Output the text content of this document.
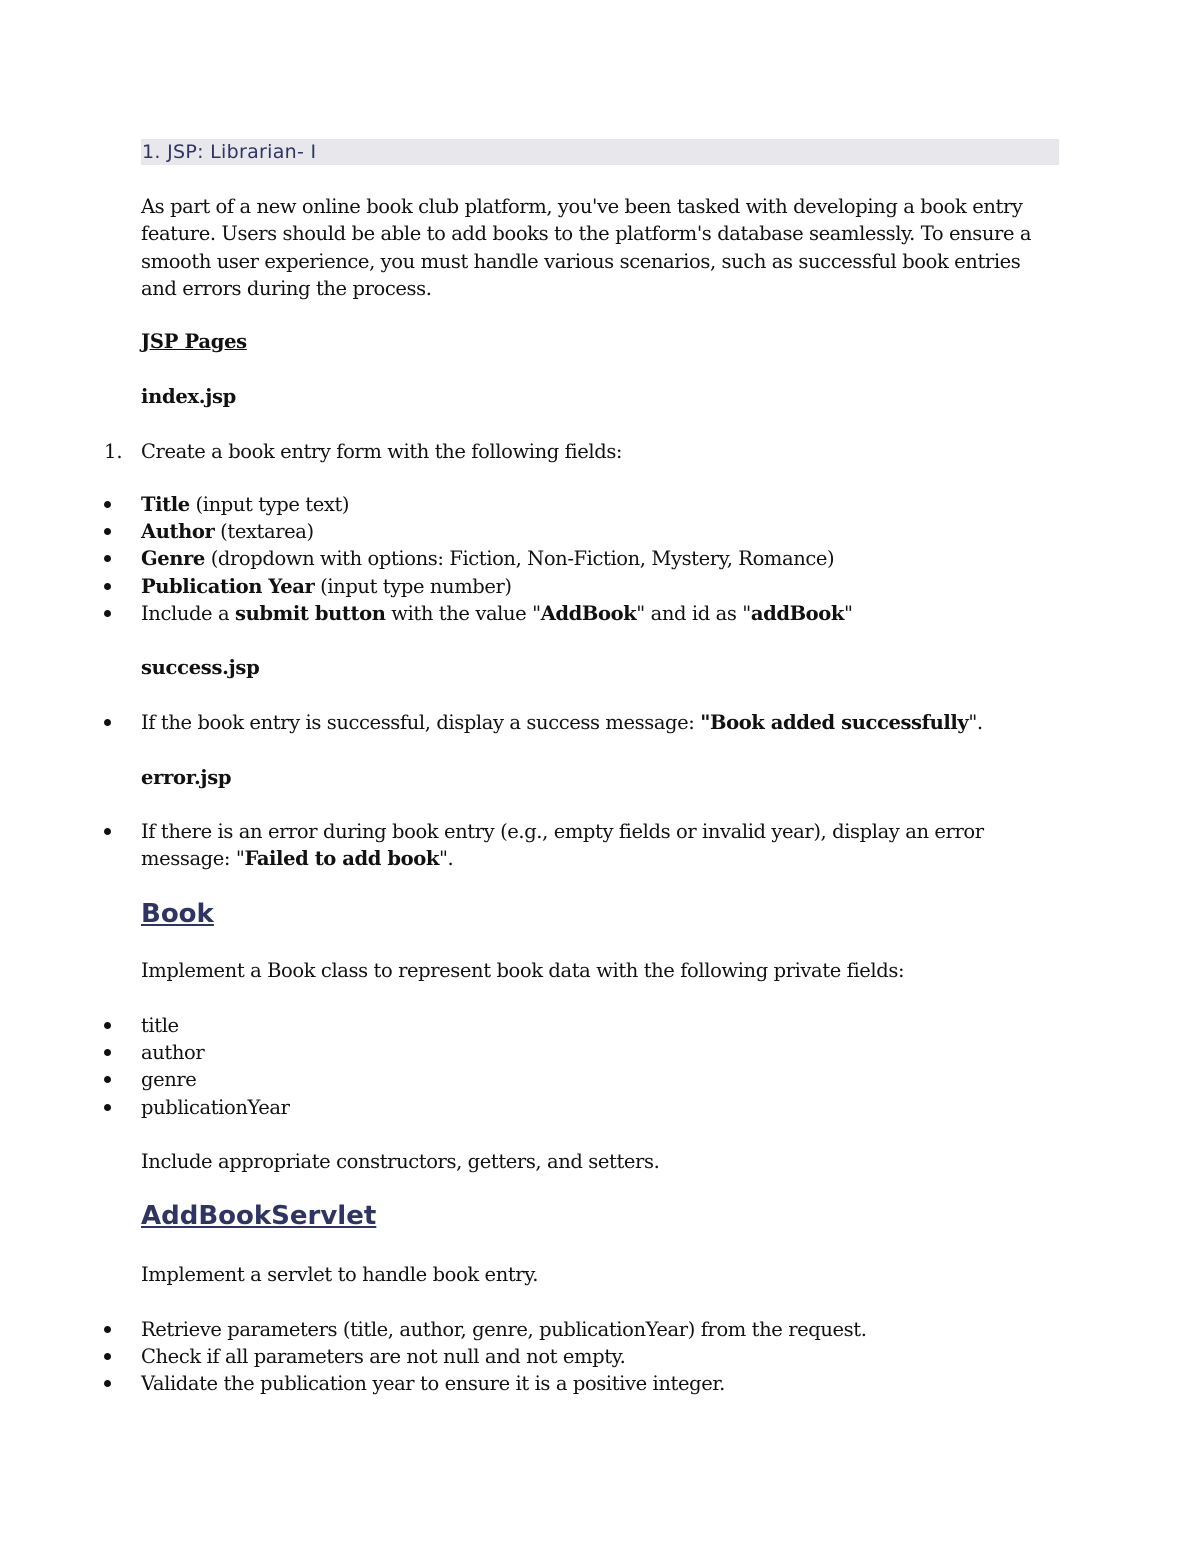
1. JSP: Librarian- I
As part of a new online book club platform, you've been tasked with developing a book entry feature. Users should be able to add books to the platform's database seamlessly. To ensure a smooth user experience, you must handle various scenarios, such as successful book entries and errors during the process.
JSP Pages
index.jsp
1. Create a book entry form with the following fields:
Title (input type text)
Author (textarea)
Genre (dropdown with options: Fiction, Non-Fiction, Mystery, Romance)
Publication Year (input type number)
Include a submit button with the value "AddBook" and id as "addBook"
success.jsp
If the book entry is successful, display a success message: "Book added successfully".
error.jsp
If there is an error during book entry (e.g., empty fields or invalid year), display an error message: "Failed to add book".
Book
Implement a Book class to represent book data with the following private fields:
title
author
genre
publicationYear
Include appropriate constructors, getters, and setters.
AddBookServlet
Implement a servlet to handle book entry.
Retrieve parameters (title, author, genre, publicationYear) from the request.
Check if all parameters are not null and not empty.
Validate the publication year to ensure it is a positive integer.
